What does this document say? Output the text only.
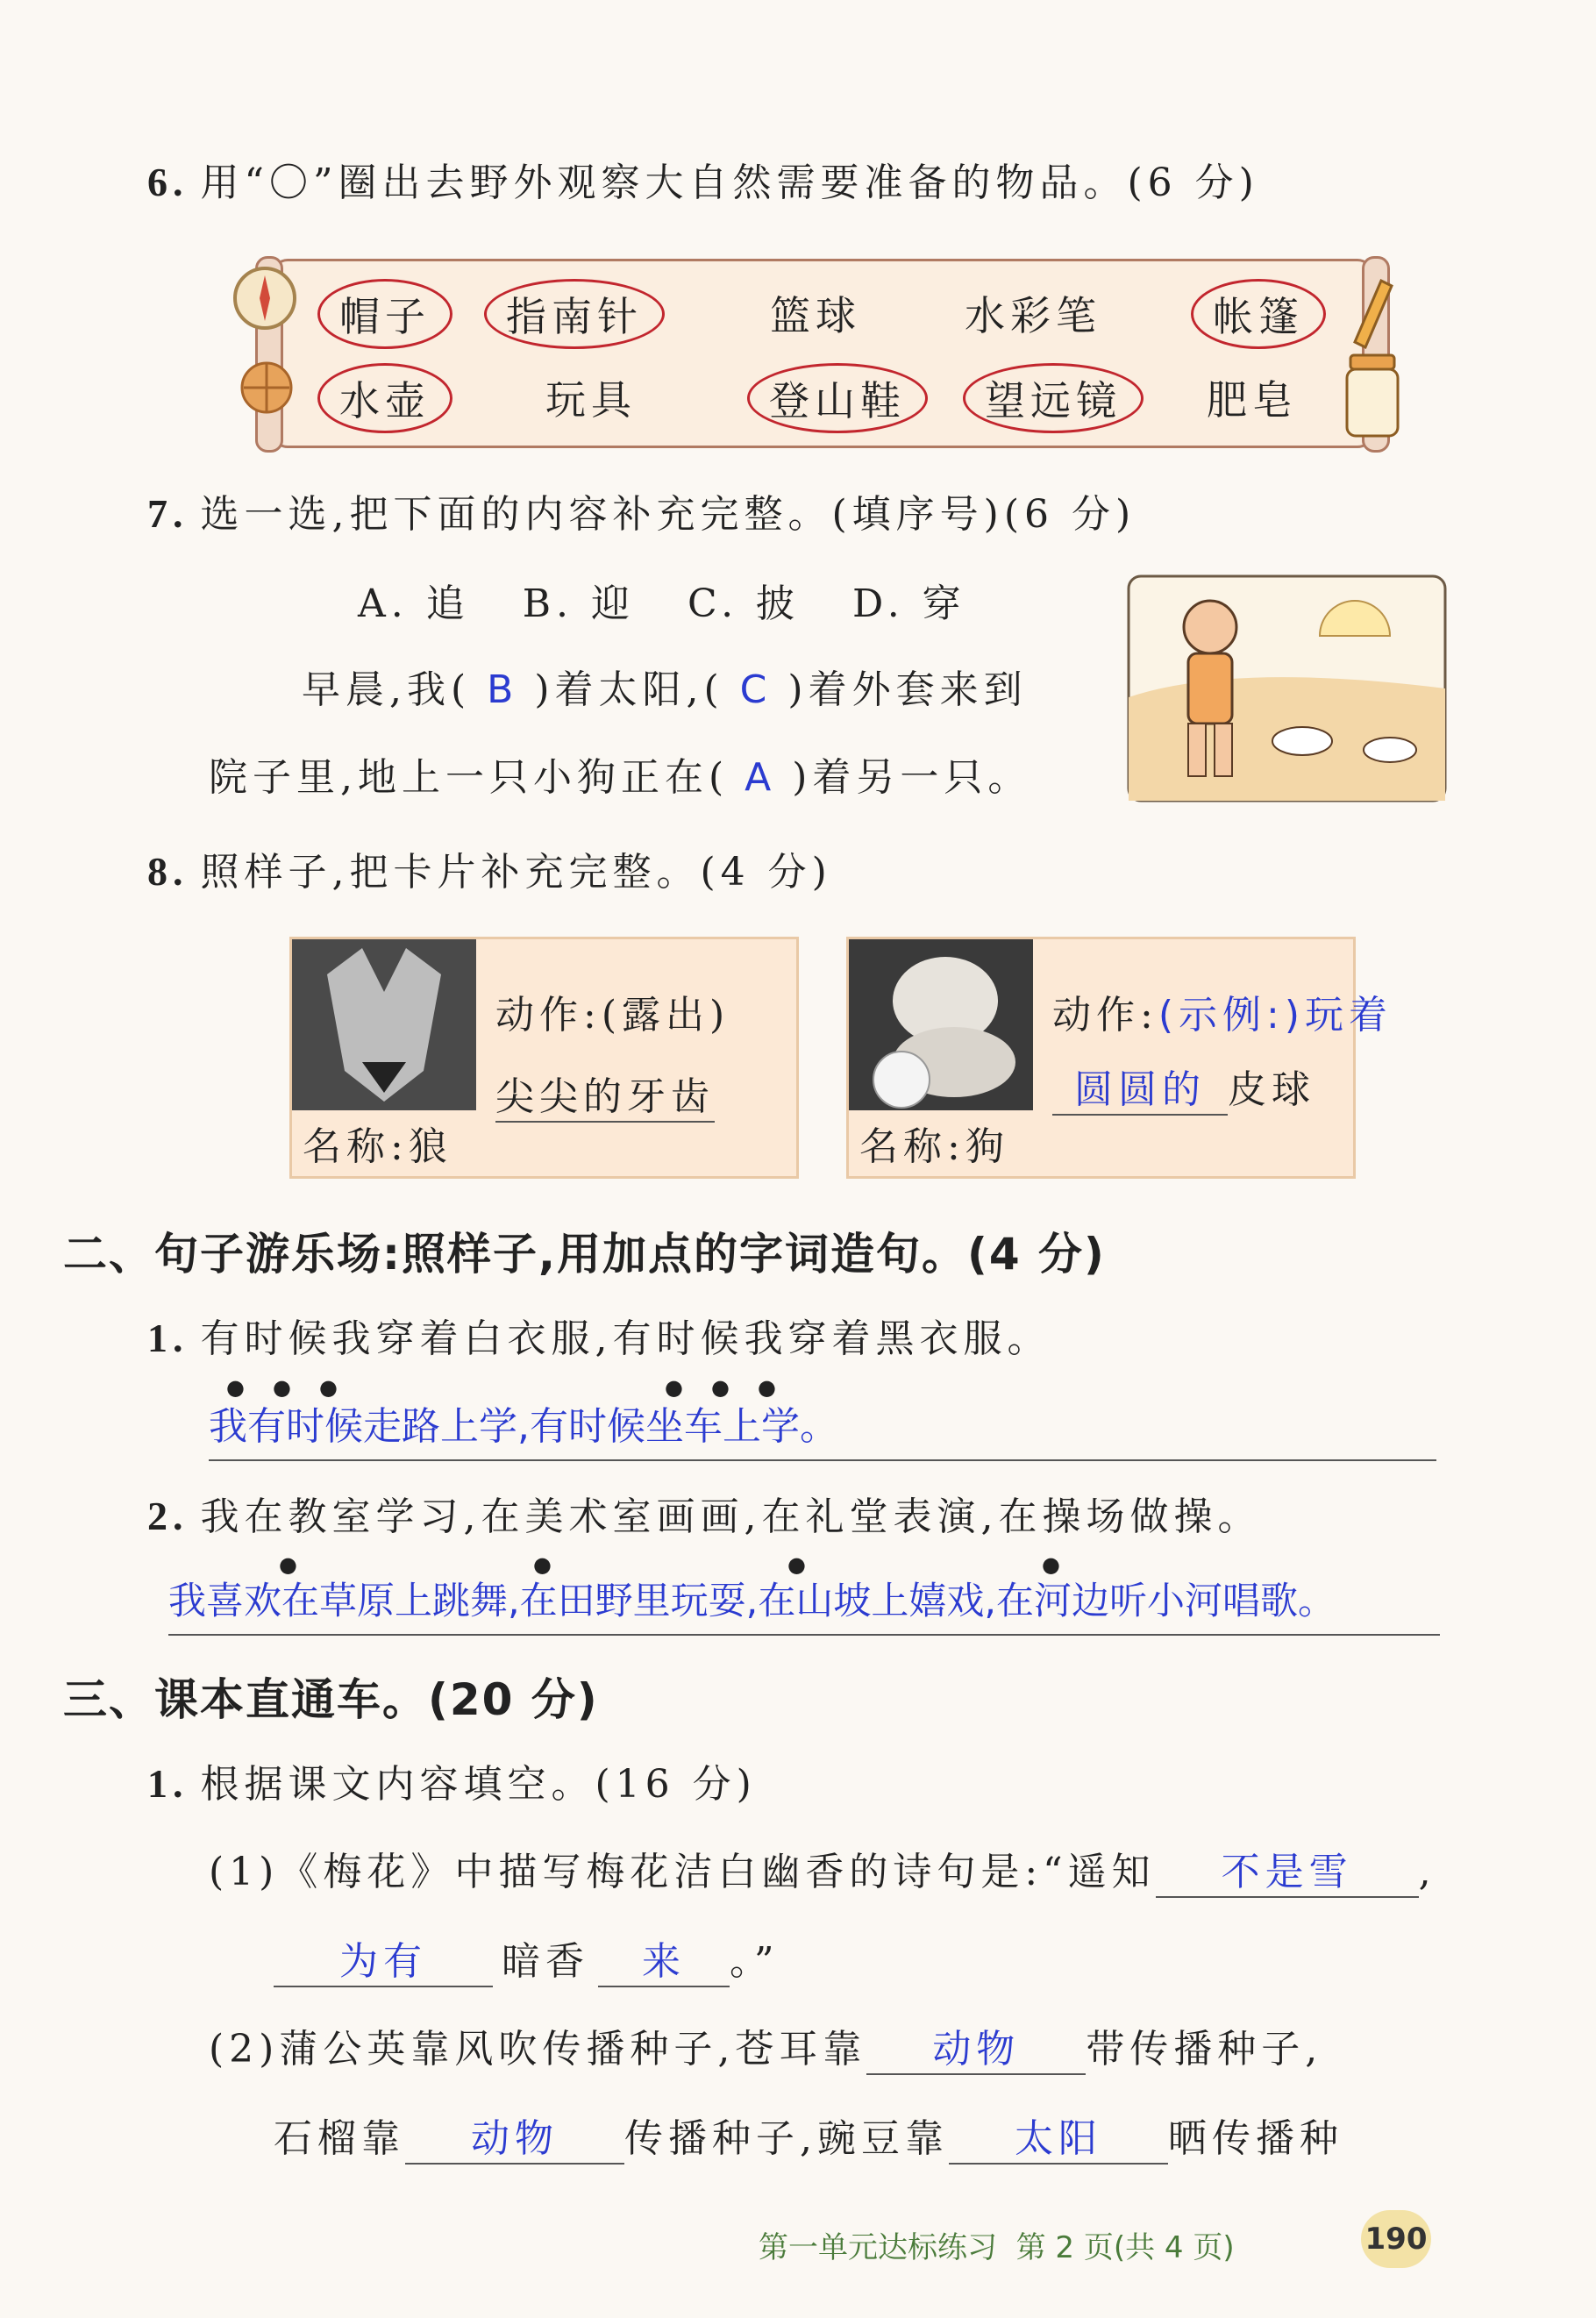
6. 用“〇”圈出去野外观察大自然需要准备的物品。(6 分)
帽子	指南针	篮球	水彩笔	帐篷
水壶	玩具	登山鞋	望远镜	肥皂
7. 选一选,把下面的内容补充完整。(填序号)(6 分)
A. 追   B. 迎   C. 披   D. 穿
早晨,我( B )着太阳,( C )着外套来到
院子里,地上一只小狗正在( A )着另一只。
8. 照样子,把卡片补充完整。(4 分)
动作:(露出)
尖尖的牙齿
名称:狼
动作:(示例:)玩着
圆圆的 皮球
名称:狗
二、句子游乐场:照样子,用加点的字词造句。(4 分)
1. 有时候我穿着白衣服,有时候我穿着黑衣服。
● ● ●	● ● ●
我有时候走路上学,有时候坐车上学。
2. 我在教室学习,在美术室画画,在礼堂表演,在操场做操。
●	●	●	●
我喜欢在草原上跳舞,在田野里玩耍,在山坡上嬉戏,在河边听小河唱歌。
三、课本直通车。(20 分)
1. 根据课文内容填空。(16 分)
(1)《梅花》中描写梅花洁白幽香的诗句是:“遥知 不是雪 ,
为有 暗香 来 。”
(2)蒲公英靠风吹传播种子,苍耳靠 动物 带传播种子,
石榴靠 动物 传播种子,豌豆靠 太阳 晒传播种
第一单元达标练习  第 2 页(共 4 页)	190
